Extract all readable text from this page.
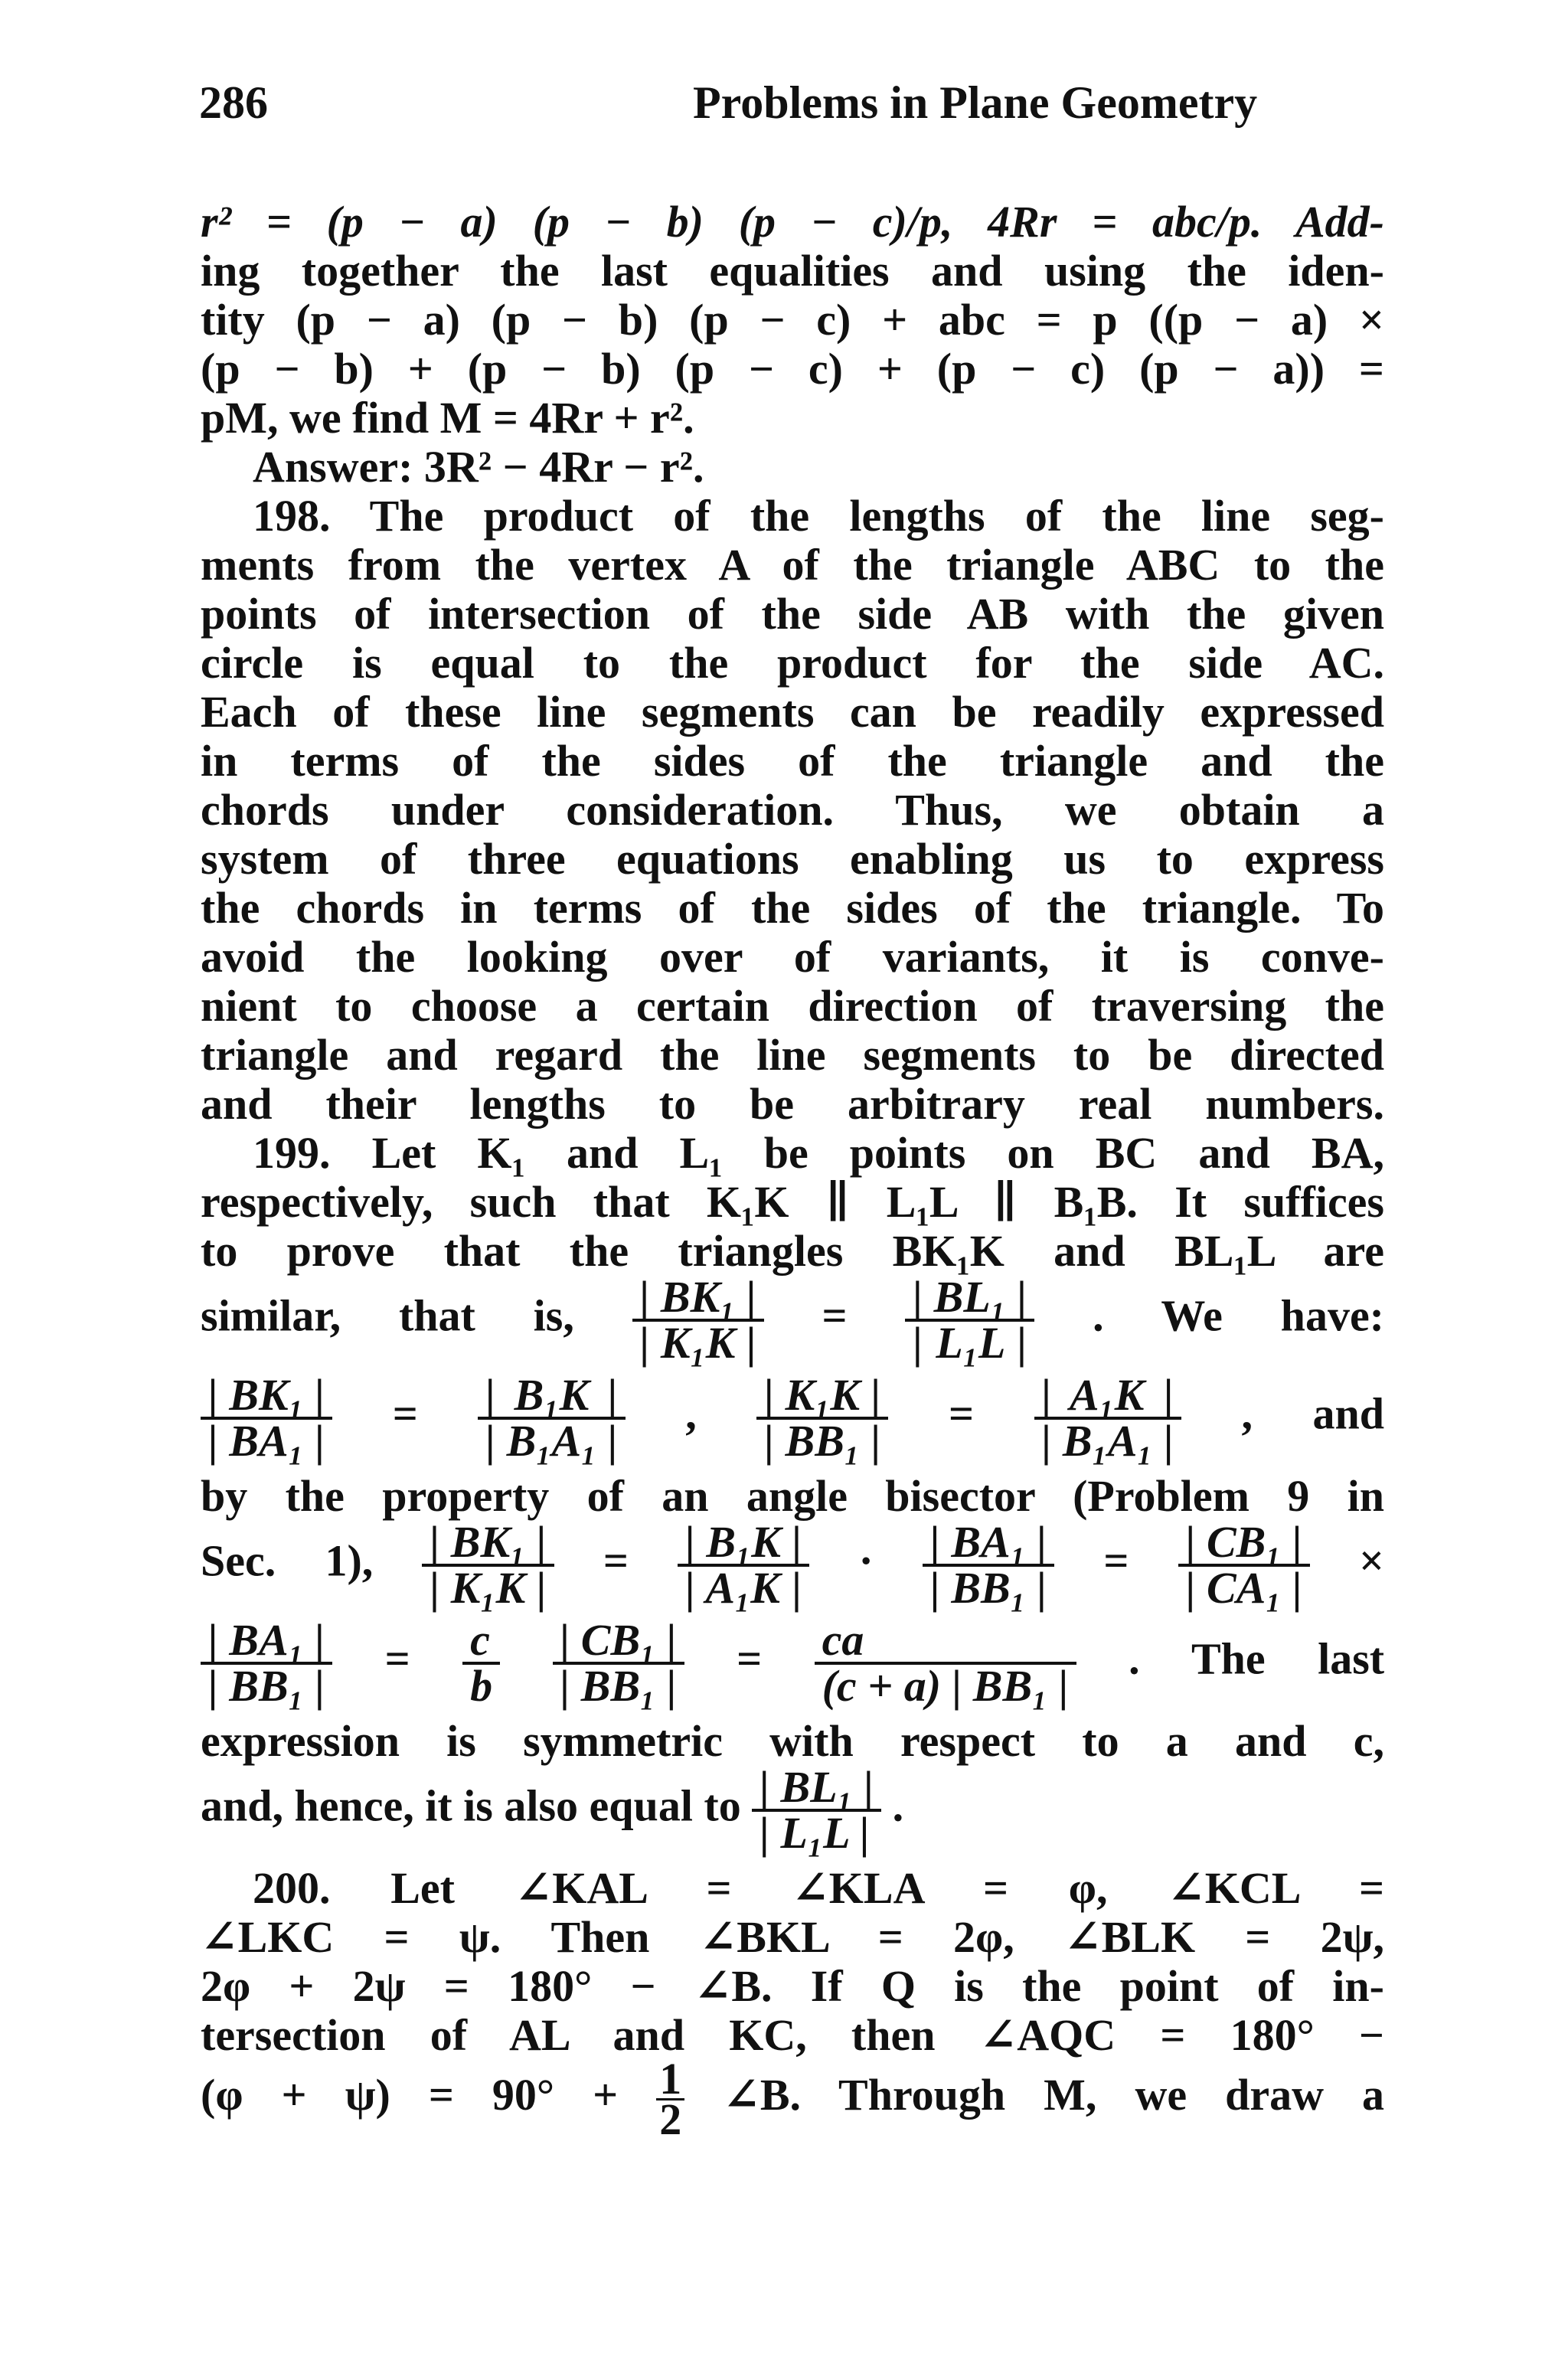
286	Problems in Plane Geometry
r² = (p − a) (p − b) (p − c)/p, 4Rr = abc/p. Add-
ing together the last equalities and using the iden-
tity (p − a) (p − b) (p − c) + abc = p ((p − a) ×
(p − b) + (p − b) (p − c) + (p − c) (p − a)) =
pM, we find M = 4Rr + r².
Answer: 3R² − 4Rr − r².
198. The product of the lengths of the line seg-
ments from the vertex A of the triangle ABC to the
points of intersection of the side AB with the given
circle is equal to the product for the side AC.
Each of these line segments can be readily expressed
in terms of the sides of the triangle and the
chords under consideration. Thus, we obtain a
system of three equations enabling us to express
the chords in terms of the sides of the triangle. To
avoid the looking over of variants, it is conve-
nient to choose a certain direction of traversing the
triangle and regard the line segments to be directed
and their lengths to be arbitrary real numbers.
199. Let K₁ and L₁ be points on BC and BA,
respectively, such that K₁K ∥ L₁L ∥ B₁B. It suffices
to prove that the triangles BK₁K and BL₁L are
similar, that is, $\frac{\text{| BK₁ |}}{\text{| K₁K |}} = \frac{\text{| BL₁ |}}{\text{| L₁L |}}$ . We have:
$\frac{\text{| BK₁ |}}{\text{| BA₁ |}} = \frac{\text{| B₁K |}}{\text{| B₁A₁ |}}$ , $\frac{\text{| K₁K |}}{\text{| BB₁ |}} = \frac{\text{| A₁K |}}{\text{| B₁A₁ |}}$ , and
by the property of an angle bisector (Problem 9 in
Sec. 1), $\frac{\text{| BK₁ |}}{\text{| K₁K |}} = \frac{\text{| B₁K |}}{\text{| A₁K |}} \cdot \frac{\text{| BA₁ |}}{\text{| BB₁ |}} = \frac{\text{| CB₁ |}}{\text{| CA₁ |}}$ ×
$\frac{\text{| BA₁ |}}{\text{| BB₁ |}} = \frac{c}{b}$
$\frac{\text{| CB₁ |}}{\text{| BB₁ |}} = \frac{ca}{\text{(c + a) | BB₁ |}}$ . The last
expression is symmetric with respect to a and c,
and, hence, it is also equal to $\frac{\text{| BL₁ |}}{\text{| L₁L |}}$ .
200. Let ∠KAL = ∠KLA = φ, ∠KCL =
∠LKC = ψ. Then ∠BKL = 2φ, ∠BLK = 2ψ,
2φ + 2ψ = 180° − ∠B. If Q is the point of in-
tersection of AL and KC, then ∠AQC = 180° −
$(\varphi + \psi) = 90^\circ + \frac{1}{2}$ ∠B. Through M, we draw a
